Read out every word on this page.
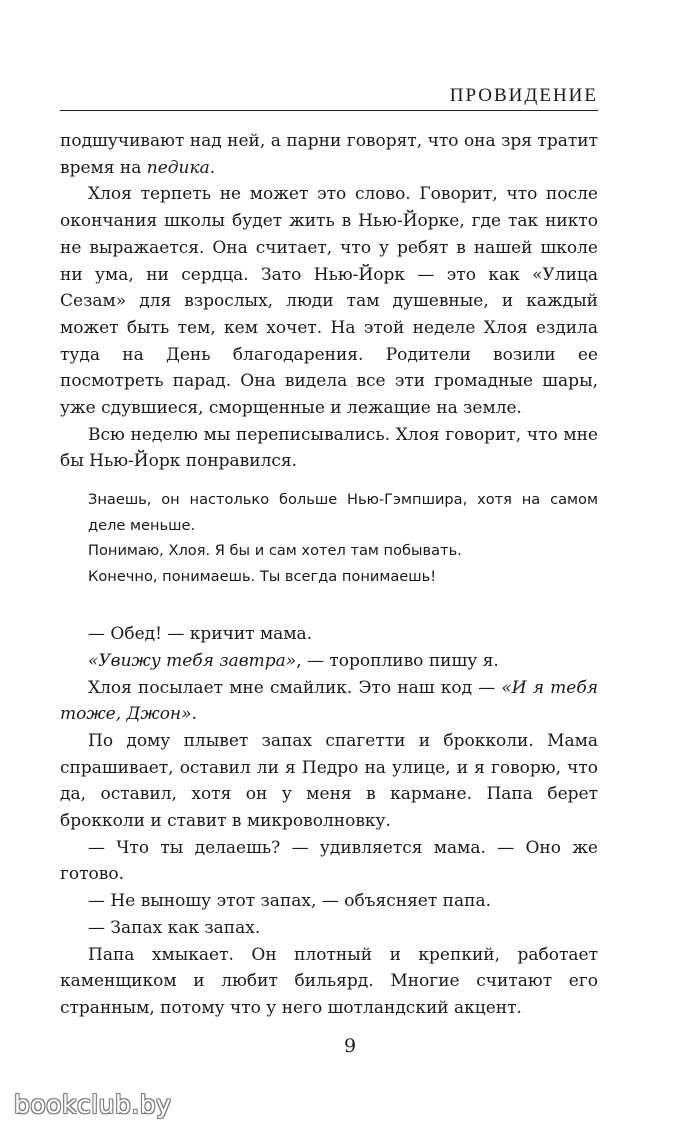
ПРОВИДЕНИЕ

подшучивают над ней, а парни говорят, что она зря тратит время на педика.

Хлоя терпеть не может это слово. Говорит, что после окончания школы будет жить в Нью-Йорке, где так никто не выражается. Она считает, что у ребят в нашей школе ни ума, ни сердца. Зато Нью-Йорк — это как «Улица Сезам» для взрослых, люди там душевные, и каждый может быть тем, кем хочет. На этой неделе Хлоя ездила туда на День благодарения. Родители возили ее посмотреть парад. Она видела все эти громадные шары, уже сдувшиеся, сморщенные и лежащие на земле.

Всю неделю мы переписывались. Хлоя говорит, что мне бы Нью-Йорк понравился.

Знаешь, он настолько больше Нью-Гэмпшира, хотя на самом деле меньше.

Понимаю, Хлоя. Я бы и сам хотел там побывать.

Конечно, понимаешь. Ты всегда понимаешь!

— Обед! — кричит мама.

«Увижу тебя завтра», — торопливо пишу я.

Хлоя посылает мне смайлик. Это наш код — «И я тебя тоже, Джон».

По дому плывет запах спагетти и брокколи. Мама спрашивает, оставил ли я Педро на улице, и я говорю, что да, оставил, хотя он у меня в кармане. Папа берет брокколи и ставит в микроволновку.

— Что ты делаешь? — удивляется мама. — Оно же готово.

— Не выношу этот запах, — объясняет папа.

— Запах как запах.

Папа хмыкает. Он плотный и крепкий, работает каменщиком и любит бильярд. Многие считают его странным, потому что у него шотландский акцент.

9
bookclub.by
